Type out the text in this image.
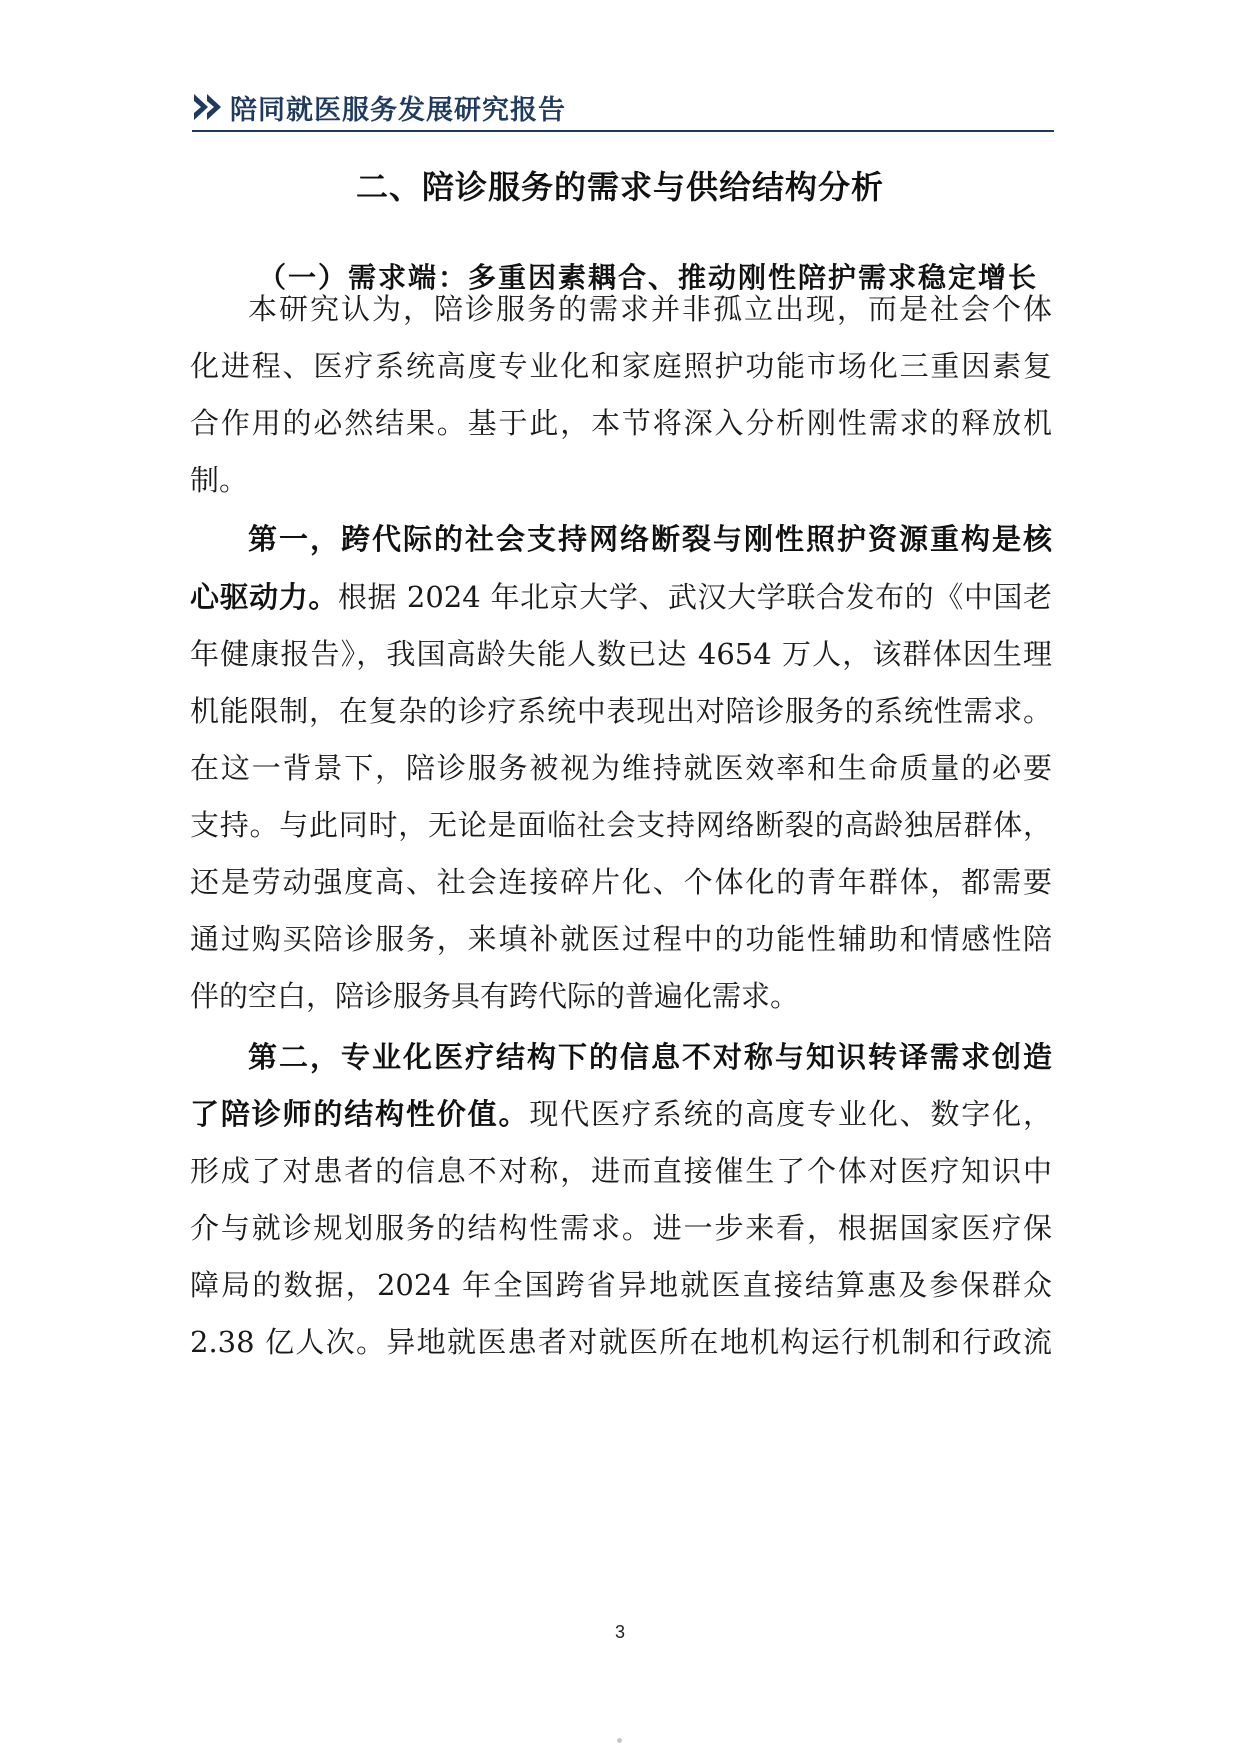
陪同就医服务发展研究报告
二、陪诊服务的需求与供给结构分析
（一）需求端：多重因素耦合、推动刚性陪护需求稳定增长
本研究认为，陪诊服务的需求并非孤立出现，而是社会个体
化进程、医疗系统高度专业化和家庭照护功能市场化三重因素复
合作用的必然结果。基于此，本节将深入分析刚性需求的释放机
制。
第一，跨代际的社会支持网络断裂与刚性照护资源重构是核
心驱动力。根据 2024 年北京大学、武汉大学联合发布的《中国老
年健康报告》，我国高龄失能人数已达 4654 万人，该群体因生理
机能限制，在复杂的诊疗系统中表现出对陪诊服务的系统性需求。
在这一背景下，陪诊服务被视为维持就医效率和生命质量的必要
支持。与此同时，无论是面临社会支持网络断裂的高龄独居群体，
还是劳动强度高、社会连接碎片化、个体化的青年群体，都需要
通过购买陪诊服务，来填补就医过程中的功能性辅助和情感性陪
伴的空白，陪诊服务具有跨代际的普遍化需求。
第二，专业化医疗结构下的信息不对称与知识转译需求创造
了陪诊师的结构性价值。现代医疗系统的高度专业化、数字化，
形成了对患者的信息不对称，进而直接催生了个体对医疗知识中
介与就诊规划服务的结构性需求。进一步来看，根据国家医疗保
障局的数据，2024 年全国跨省异地就医直接结算惠及参保群众
2.38 亿人次。异地就医患者对就医所在地机构运行机制和行政流
3
